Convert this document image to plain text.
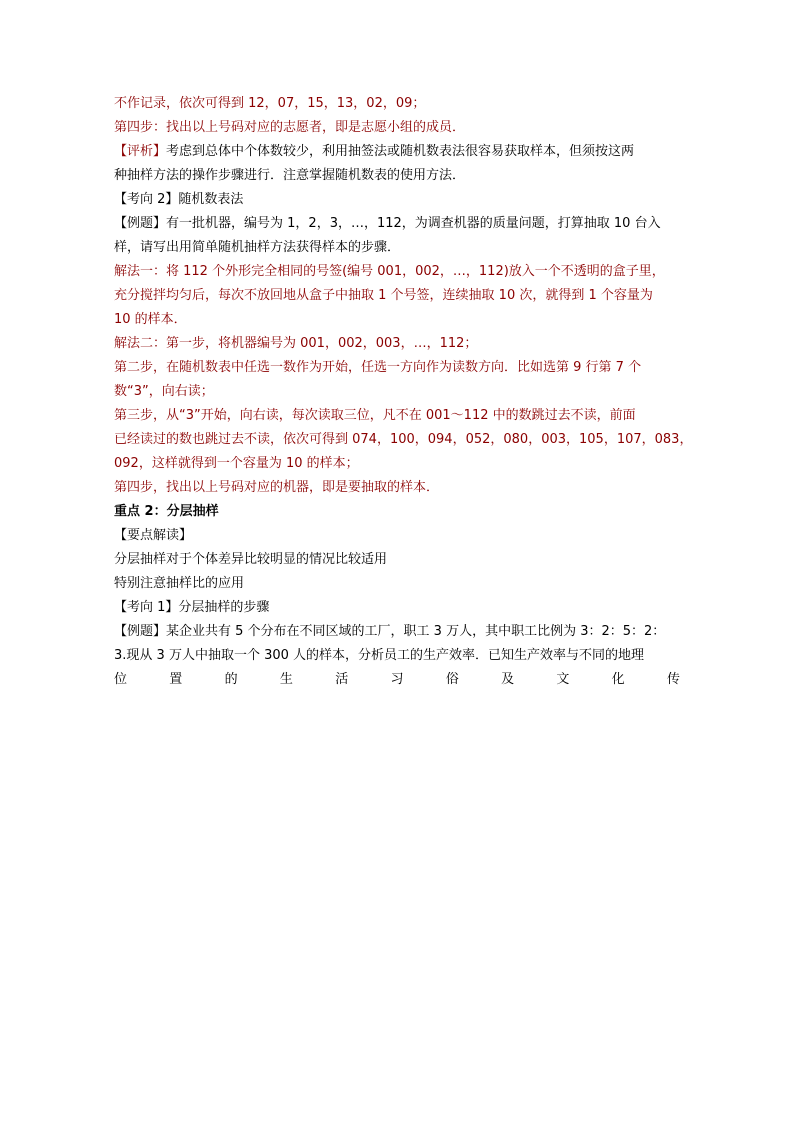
不作记录，依次可得到 12，07，15，13，02，09；
第四步：找出以上号码对应的志愿者，即是志愿小组的成员．
【评析】考虑到总体中个体数较少，利用抽签法或随机数表法很容易获取样本，但须按这两
种抽样方法的操作步骤进行．注意掌握随机数表的使用方法．
【考向 2】随机数表法
【例题】有一批机器，编号为 1，2，3，…，112，为调查机器的质量问题，打算抽取 10 台入
样，请写出用简单随机抽样方法获得样本的步骤．
解法一：将 112 个外形完全相同的号签(编号 001，002，…，112)放入一个不透明的盒子里，
充分搅拌均匀后，每次不放回地从盒子中抽取 1 个号签，连续抽取 10 次，就得到 1 个容量为
10 的样本．
解法二：第一步，将机器编号为 001，002，003，…，112；
第二步，在随机数表中任选一数作为开始，任选一方向作为读数方向．比如选第 9 行第 7 个
数“3”，向右读；
第三步，从“3”开始，向右读，每次读取三位，凡不在 001～112 中的数跳过去不读，前面
已经读过的数也跳过去不读，依次可得到 074，100，094，052，080，003，105，107，083，
092，这样就得到一个容量为 10 的样本；
第四步，找出以上号码对应的机器，即是要抽取的样本．
重点 2：分层抽样
【要点解读】
分层抽样对于个体差异比较明显的情况比较适用
特别注意抽样比的应用
【考向 1】分层抽样的步骤
【例题】某企业共有 5 个分布在不同区域的工厂，职工 3 万人，其中职工比例为 3：2：5：2：
3.现从 3 万人中抽取一个 300 人的样本，分析员工的生产效率．已知生产效率与不同的地理
位	置	的	生	活	习	俗	及	文	化	传
